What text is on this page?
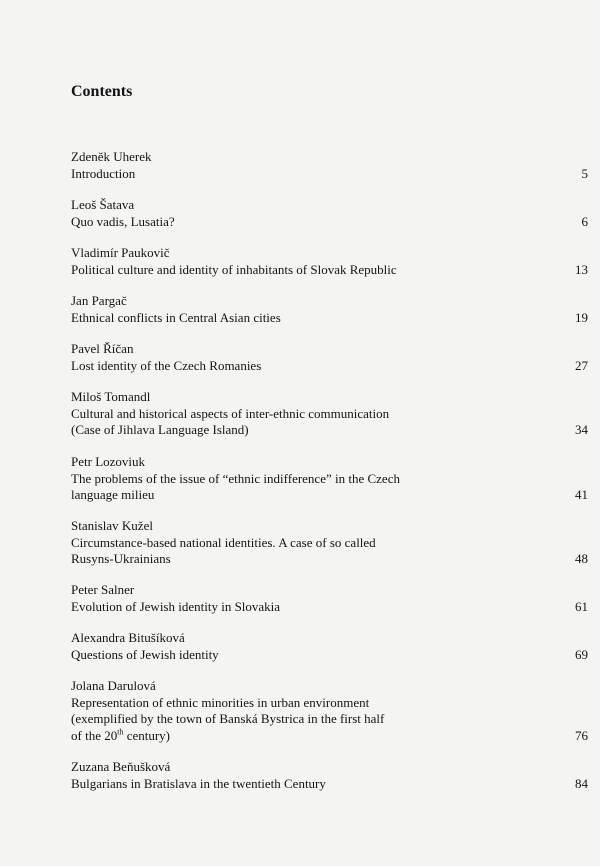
Contents
Zdeněk Uherek
Introduction	5
Leoš Šatava
Quo vadis, Lusatia?	6
Vladimír Paukovič
Political culture and identity of inhabitants of Slovak Republic	13
Jan Pargač
Ethnical conflicts in Central Asian cities	19
Pavel Říčan
Lost identity of the Czech Romanies	27
Miloš Tomandl
Cultural and historical aspects of inter-ethnic communication
(Case of Jihlava Language Island)	34
Petr Lozoviuk
The problems of the issue of “ethnic indifference” in the Czech
language milieu	41
Stanislav Kužel
Circumstance-based national identities. A case of so called
Rusyns-Ukrainians	48
Peter Salner
Evolution of Jewish identity in Slovakia	61
Alexandra Bitušíková
Questions of Jewish identity	69
Jolana Darulová
Representation of ethnic minorities in urban environment
(exemplified by the town of Banská Bystrica in the first half
of the 20th century)	76
Zuzana Beňušková
Bulgarians in Bratislava in the twentieth Century	84
